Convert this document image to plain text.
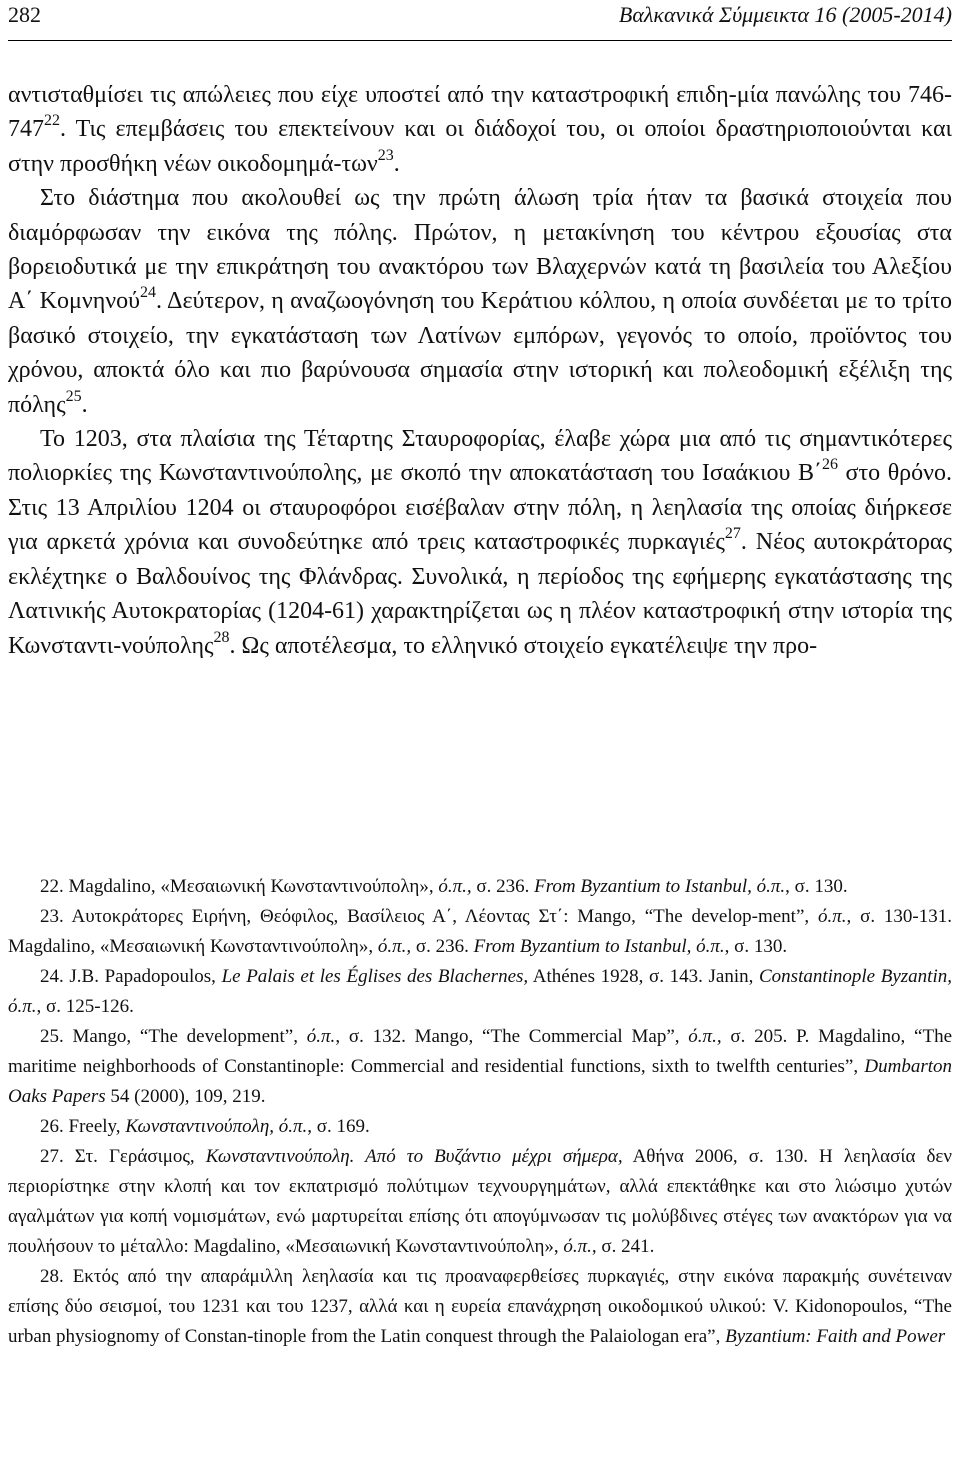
282	Βαλκανικά Σύμμεικτα 16 (2005-2014)

αντισταθμίσει τις απώλειες που είχε υποστεί από την καταστροφική επιδη-μία πανώλης του 746-747$^{22}$. Τις επεμβάσεις του επεκτείνουν και οι διάδοχοί του, οι οποίοι δραστηριοποιούνται και στην προσθήκη νέων οικοδομημά-των$^{23}$.

Στο διάστημα που ακολουθεί ως την πρώτη άλωση τρία ήταν τα βασικά στοιχεία που διαμόρφωσαν την εικόνα της πόλης. Πρώτον, η μετακίνηση του κέντρου εξουσίας στα βορειοδυτικά με την επικράτηση του ανακτόρου των Βλαχερνών κατά τη βασιλεία του Αλεξίου Α΄ Κομνηνού$^{24}$. Δεύτερον, η αναζωογόνηση του Κεράτιου κόλπου, η οποία συνδέεται με το τρίτο βασικό στοιχείο, την εγκατάσταση των Λατίνων εμπόρων, γεγονός το οποίο, προϊόντος του χρόνου, αποκτά όλο και πιο βαρύνουσα σημασία στην ιστορική και πολεοδομική εξέλιξη της πόλης$^{25}$.

Το 1203, στα πλαίσια της Τέταρτης Σταυροφορίας, έλαβε χώρα μια από τις σημαντικότερες πολιορκίες της Κωνσταντινούπολης, με σκοπό την αποκατάσταση του Ισαάκιου Β΄$^{26}$ στο θρόνο. Στις 13 Απριλίου 1204 οι σταυροφόροι εισέβαλαν στην πόλη, η λεηλασία της οποίας διήρκεσε για αρκετά χρόνια και συνοδεύτηκε από τρεις καταστροφικές πυρκαγιές$^{27}$. Νέος αυτοκράτορας εκλέχτηκε ο Βαλδουίνος της Φλάνδρας. Συνολικά, η περίοδος της εφήμερης εγκατάστασης της Λατινικής Αυτοκρατορίας (1204-61) χαρακτηρίζεται ως η πλέον καταστροφική στην ιστορία της Κωνσταντι-νούπολης$^{28}$. Ως αποτέλεσμα, το ελληνικό στοιχείο εγκατέλειψε την προ-

22. Magdalino, «Μεσαιωνική Κωνσταντινούπολη», ό.π., σ. 236. From Byzantium to Istanbul, ό.π., σ. 130.

23. Αυτοκράτορες Ειρήνη, Θεόφιλος, Βασίλειος Α΄, Λέοντας Στ΄: Mango, “The develop-ment”, ό.π., σ. 130-131. Magdalino, «Μεσαιωνική Κωνσταντινούπολη», ό.π., σ. 236. From Byzantium to Istanbul, ό.π., σ. 130.

24. J.B. Papadopoulos, Le Palais et les Églises des Blachernes, Athénes 1928, σ. 143. Janin, Constantinople Byzantin, ό.π., σ. 125-126.

25. Mango, “The development”, ό.π., σ. 132. Mango, “The Commercial Map”, ό.π., σ. 205. P. Magdalino, “The maritime neighborhoods of Constantinople: Commercial and residential functions, sixth to twelfth centuries”, Dumbarton Oaks Papers 54 (2000), 109, 219.

26. Freely, Κωνσταντινούπολη, ό.π., σ. 169.

27. Στ. Γεράσιμος, Κωνσταντινούπολη. Από το Βυζάντιο μέχρι σήμερα, Αθήνα 2006, σ. 130. Η λεηλασία δεν περιορίστηκε στην κλοπή και τον εκπατρισμό πολύτιμων τεχνουργημάτων, αλλά επεκτάθηκε και στο λιώσιμο χυτών αγαλμάτων για κοπή νομισμάτων, ενώ μαρτυρείται επίσης ότι απογύμνωσαν τις μολύβδινες στέγες των ανακτόρων για να πουλήσουν το μέταλλο: Magdalino, «Μεσαιωνική Κωνσταντινούπολη», ό.π., σ. 241.

28. Εκτός από την απαράμιλλη λεηλασία και τις προαναφερθείσες πυρκαγιές, στην εικόνα παρακμής συνέτειναν επίσης δύο σεισμοί, του 1231 και του 1237, αλλά και η ευρεία επανάχρηση οικοδομικού υλικού: V. Kidonopoulos, “The urban physiognomy of Constan-tinople from the Latin conquest through the Palaiologan era”, Byzantium: Faith and Power
